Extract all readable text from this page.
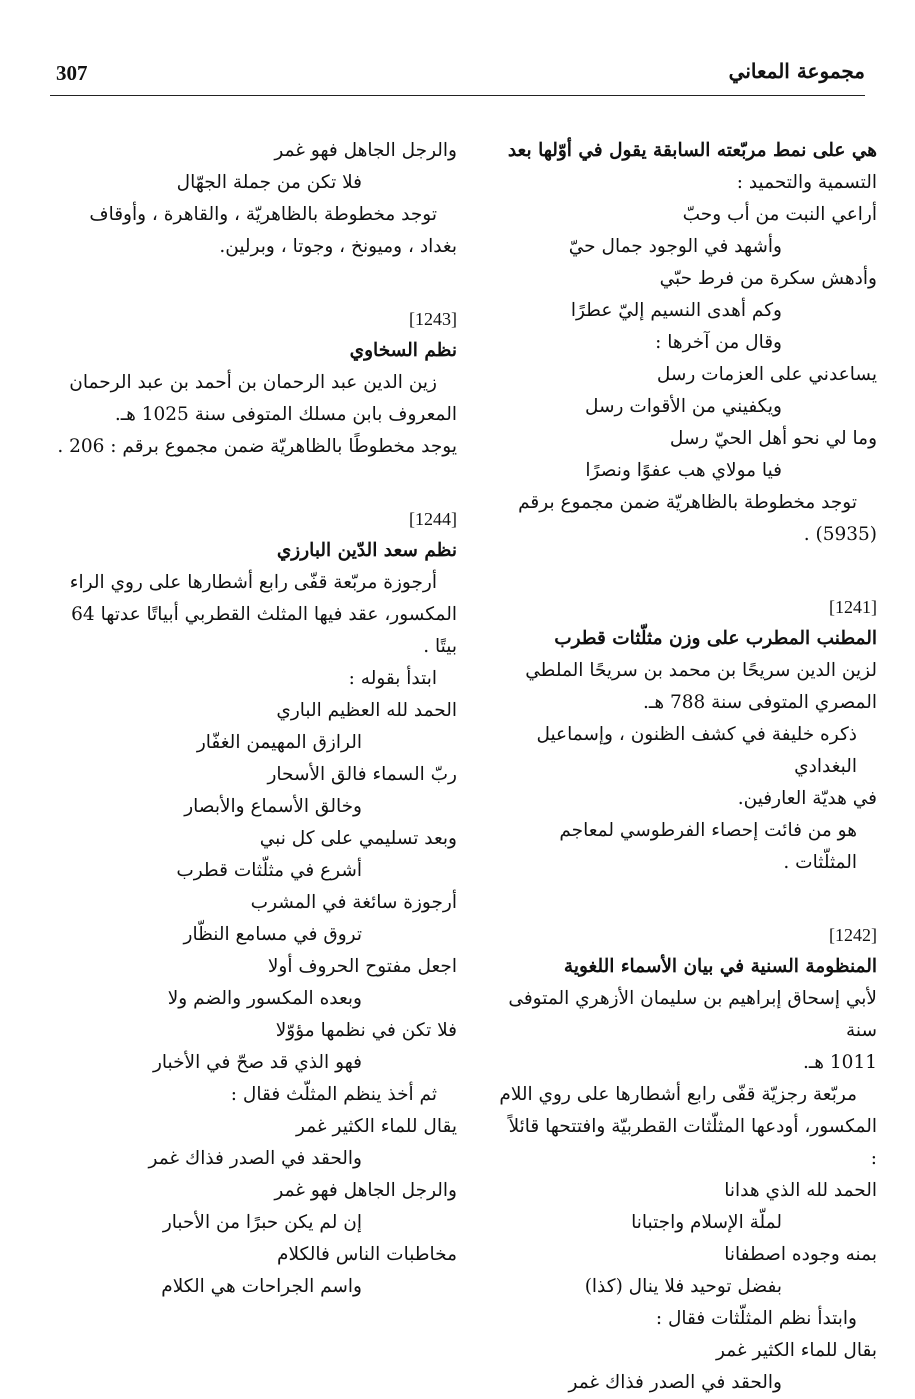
307	مجموعة المعاني

هي على نمط مربّعته السابقة يقول في أوّلها بعد

التسمية والتحميد :

أراعي النبت من أب وحبّ

وأشهد في الوجود جمال حيّ

وأدهش سكرة من فرط حبّي

وكم أهدى النسيم إليّ عطرًا

وقال من آخرها :

يساعدني على العزمات رسل

ويكفيني من الأقوات رسل

وما لي نحو أهل الحيّ رسل

فيا مولاي هب عفوًا ونصرًا

توجد مخطوطة بالظاهريّة ضمن مجموع برقم

(5935) .

[1241]

المطنب المطرب على وزن مثلّثات قطرب

لزين الدين سريحًا بن محمد بن سريحًا الملطي

المصري المتوفى سنة 788 هـ.

ذكره خليفة في كشف الظنون ، وإسماعيل البغدادي

في هديّة العارفين.

هو من فائت إحصاء الفرطوسي لمعاجم المثلّثات .

[1242]

المنظومة السنية في بيان الأسماء اللغوية

لأبي إسحاق إبراهيم بن سليمان الأزهري المتوفى سنة

1011 هـ.

مربّعة رجزيّة قفّى رابع أشطارها على روي اللام

المكسور، أودعها المثلّثات القطربيّة وافتتحها قائلاً :

الحمد لله الذي هدانا

لملّة الإسلام واجتبانا

بمنه وجوده اصطفانا

بفضل توحيد فلا ينال (كذا)

وابتدأ نظم المثلّثات فقال :

بقال للماء الكثير غمر

والحقد في الصدر فذاك غمر

والرجل الجاهل فهو غمر

فلا تكن من جملة الجهّال

توجد مخطوطة بالظاهريّة ، والقاهرة ، وأوقاف

بغداد ، وميونخ ، وجوتا ، وبرلين.

[1243]

نظم السخاوي

زين الدين عبد الرحمان بن أحمد بن عبد الرحمان

المعروف بابن مسلك المتوفى سنة 1025 هـ.

يوجد مخطوطًا بالظاهريّة ضمن مجموع برقم : 206 .

[1244]

نظم سعد الدّين البارزي

أرجوزة مربّعة قفّى رابع أشطارها على روي الراء

المكسور، عقد فيها المثلث القطربي أبياتًا عدتها 64 بيتًا .

ابتدأ بقوله :

الحمد لله العظيم الباري

الرازق المهيمن الغفّار

ربّ السماء فالق الأسحار

وخالق الأسماع والأبصار

وبعد تسليمي على كل نبي

أشرع في مثلّثات قطرب

أرجوزة سائغة في المشرب

تروق في مسامع النظّار

اجعل مفتوح الحروف أولا

وبعده المكسور والضم ولا

فلا تكن في نظمها مؤوّلا

فهو الذي قد صحّ في الأخبار

ثم أخذ ينظم المثلّث فقال :

يقال للماء الكثير غمر

والحقد في الصدر فذاك غمر

والرجل الجاهل فهو غمر

إن لم يكن حبرًا من الأحبار

مخاطبات الناس فالكلام

واسم الجراحات هي الكلام
